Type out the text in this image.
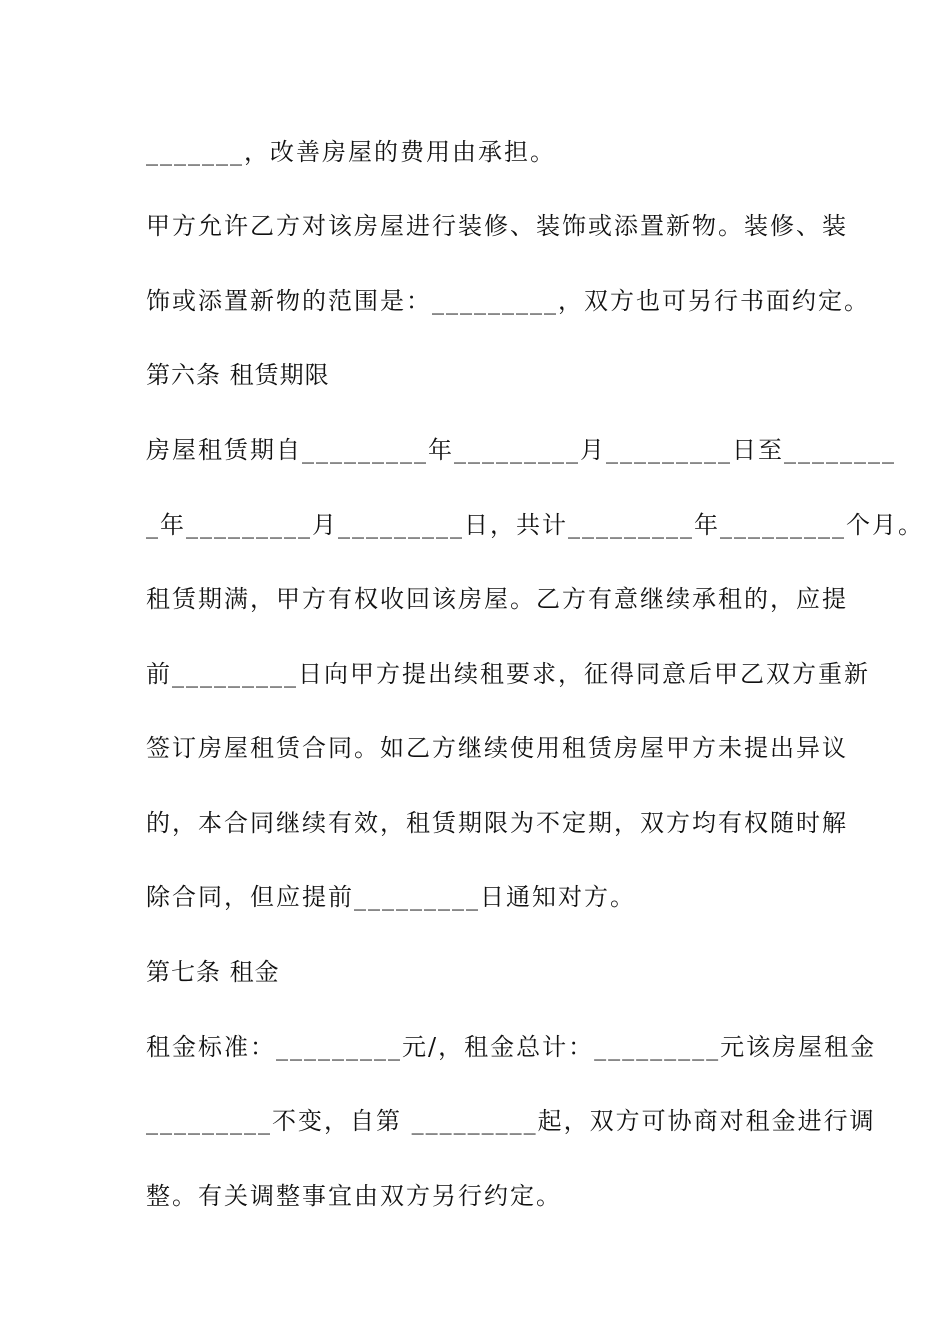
_______，改善房屋的费用由承担。
甲方允许乙方对该房屋进行装修、装饰或添置新物。装修、装
饰或添置新物的范围是：_________，双方也可另行书面约定。
第六条 租赁期限
房屋租赁期自_________年_________月_________日至________
_年_________月_________日，共计_________年_________个月。
租赁期满，甲方有权收回该房屋。乙方有意继续承租的，应提
前_________日向甲方提出续租要求，征得同意后甲乙双方重新
签订房屋租赁合同。如乙方继续使用租赁房屋甲方未提出异议
的，本合同继续有效，租赁期限为不定期，双方均有权随时解
除合同，但应提前_________日通知对方。
第七条 租金
租金标准：_________元/，租金总计：_________元该房屋租金
_________不变，自第 _________起，双方可协商对租金进行调
整。有关调整事宜由双方另行约定。
